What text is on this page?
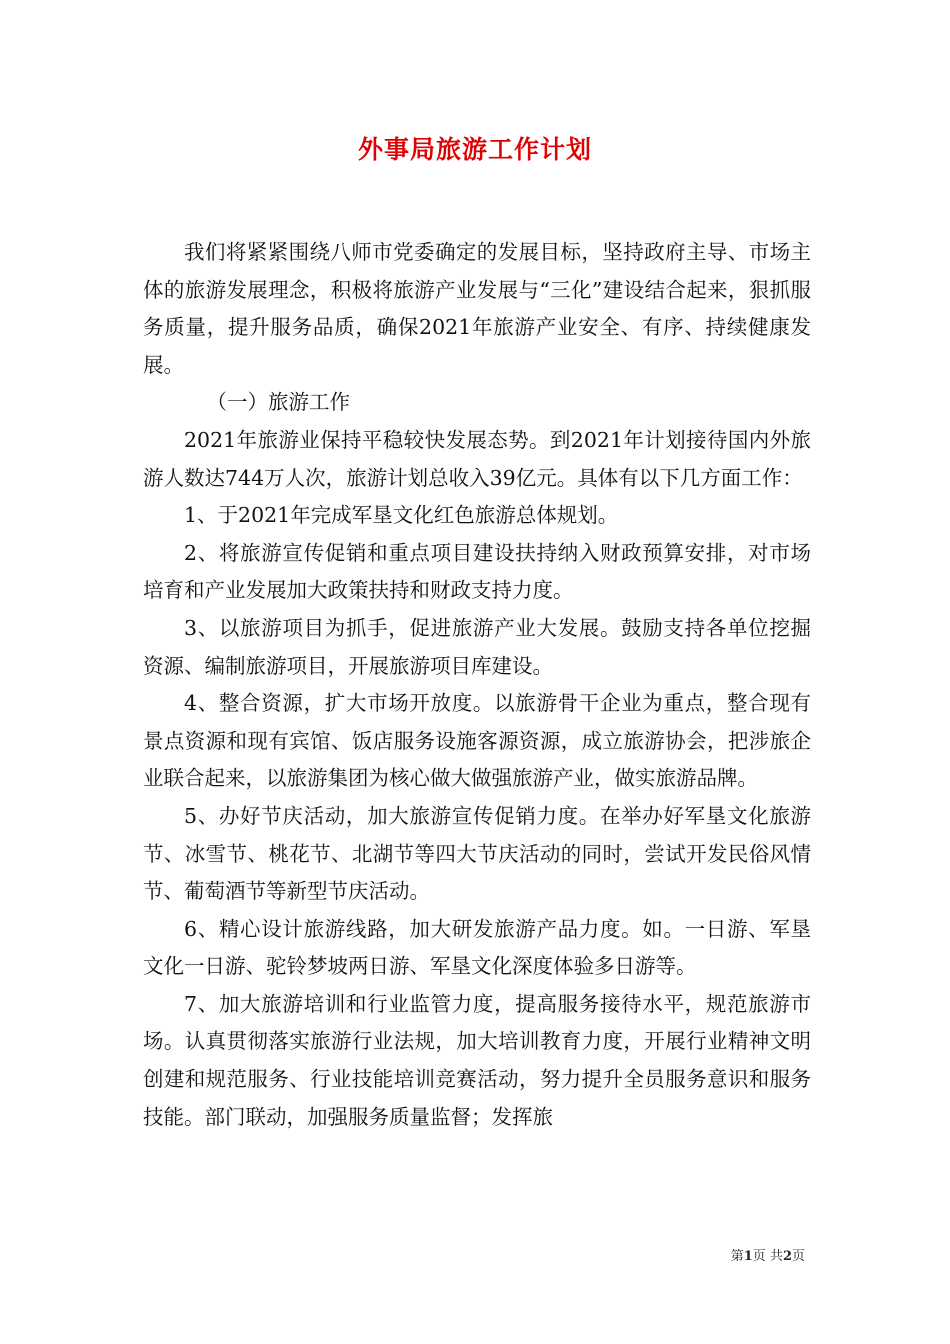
外事局旅游工作计划

我们将紧紧围绕八师市党委确定的发展目标，坚持政府主导、市场主体的旅游发展理念，积极将旅游产业发展与“三化”建设结合起来，狠抓服务质量，提升服务品质，确保2021年旅游产业安全、有序、持续健康发展。

（一）旅游工作

2021年旅游业保持平稳较快发展态势。到2021年计划接待国内外旅游人数达744万人次，旅游计划总收入39亿元。具体有以下几方面工作：

1、于2021年完成军垦文化红色旅游总体规划。

2、将旅游宣传促销和重点项目建设扶持纳入财政预算安排，对市场培育和产业发展加大政策扶持和财政支持力度。

3、以旅游项目为抓手，促进旅游产业大发展。鼓励支持各单位挖掘资源、编制旅游项目，开展旅游项目库建设。

4、整合资源，扩大市场开放度。以旅游骨干企业为重点，整合现有景点资源和现有宾馆、饭店服务设施客源资源，成立旅游协会，把涉旅企业联合起来，以旅游集团为核心做大做强旅游产业，做实旅游品牌。

5、办好节庆活动，加大旅游宣传促销力度。在举办好军垦文化旅游节、冰雪节、桃花节、北湖节等四大节庆活动的同时，尝试开发民俗风情节、葡萄酒节等新型节庆活动。

6、精心设计旅游线路，加大研发旅游产品力度。如。一日游、军垦文化一日游、驼铃梦坡两日游、军垦文化深度体验多日游等。

7、加大旅游培训和行业监管力度，提高服务接待水平，规范旅游市场。认真贯彻落实旅游行业法规，加大培训教育力度，开展行业精神文明创建和规范服务、行业技能培训竞赛活动，努力提升全员服务意识和服务技能。部门联动，加强服务质量监督；发挥旅

第1页 共2页
